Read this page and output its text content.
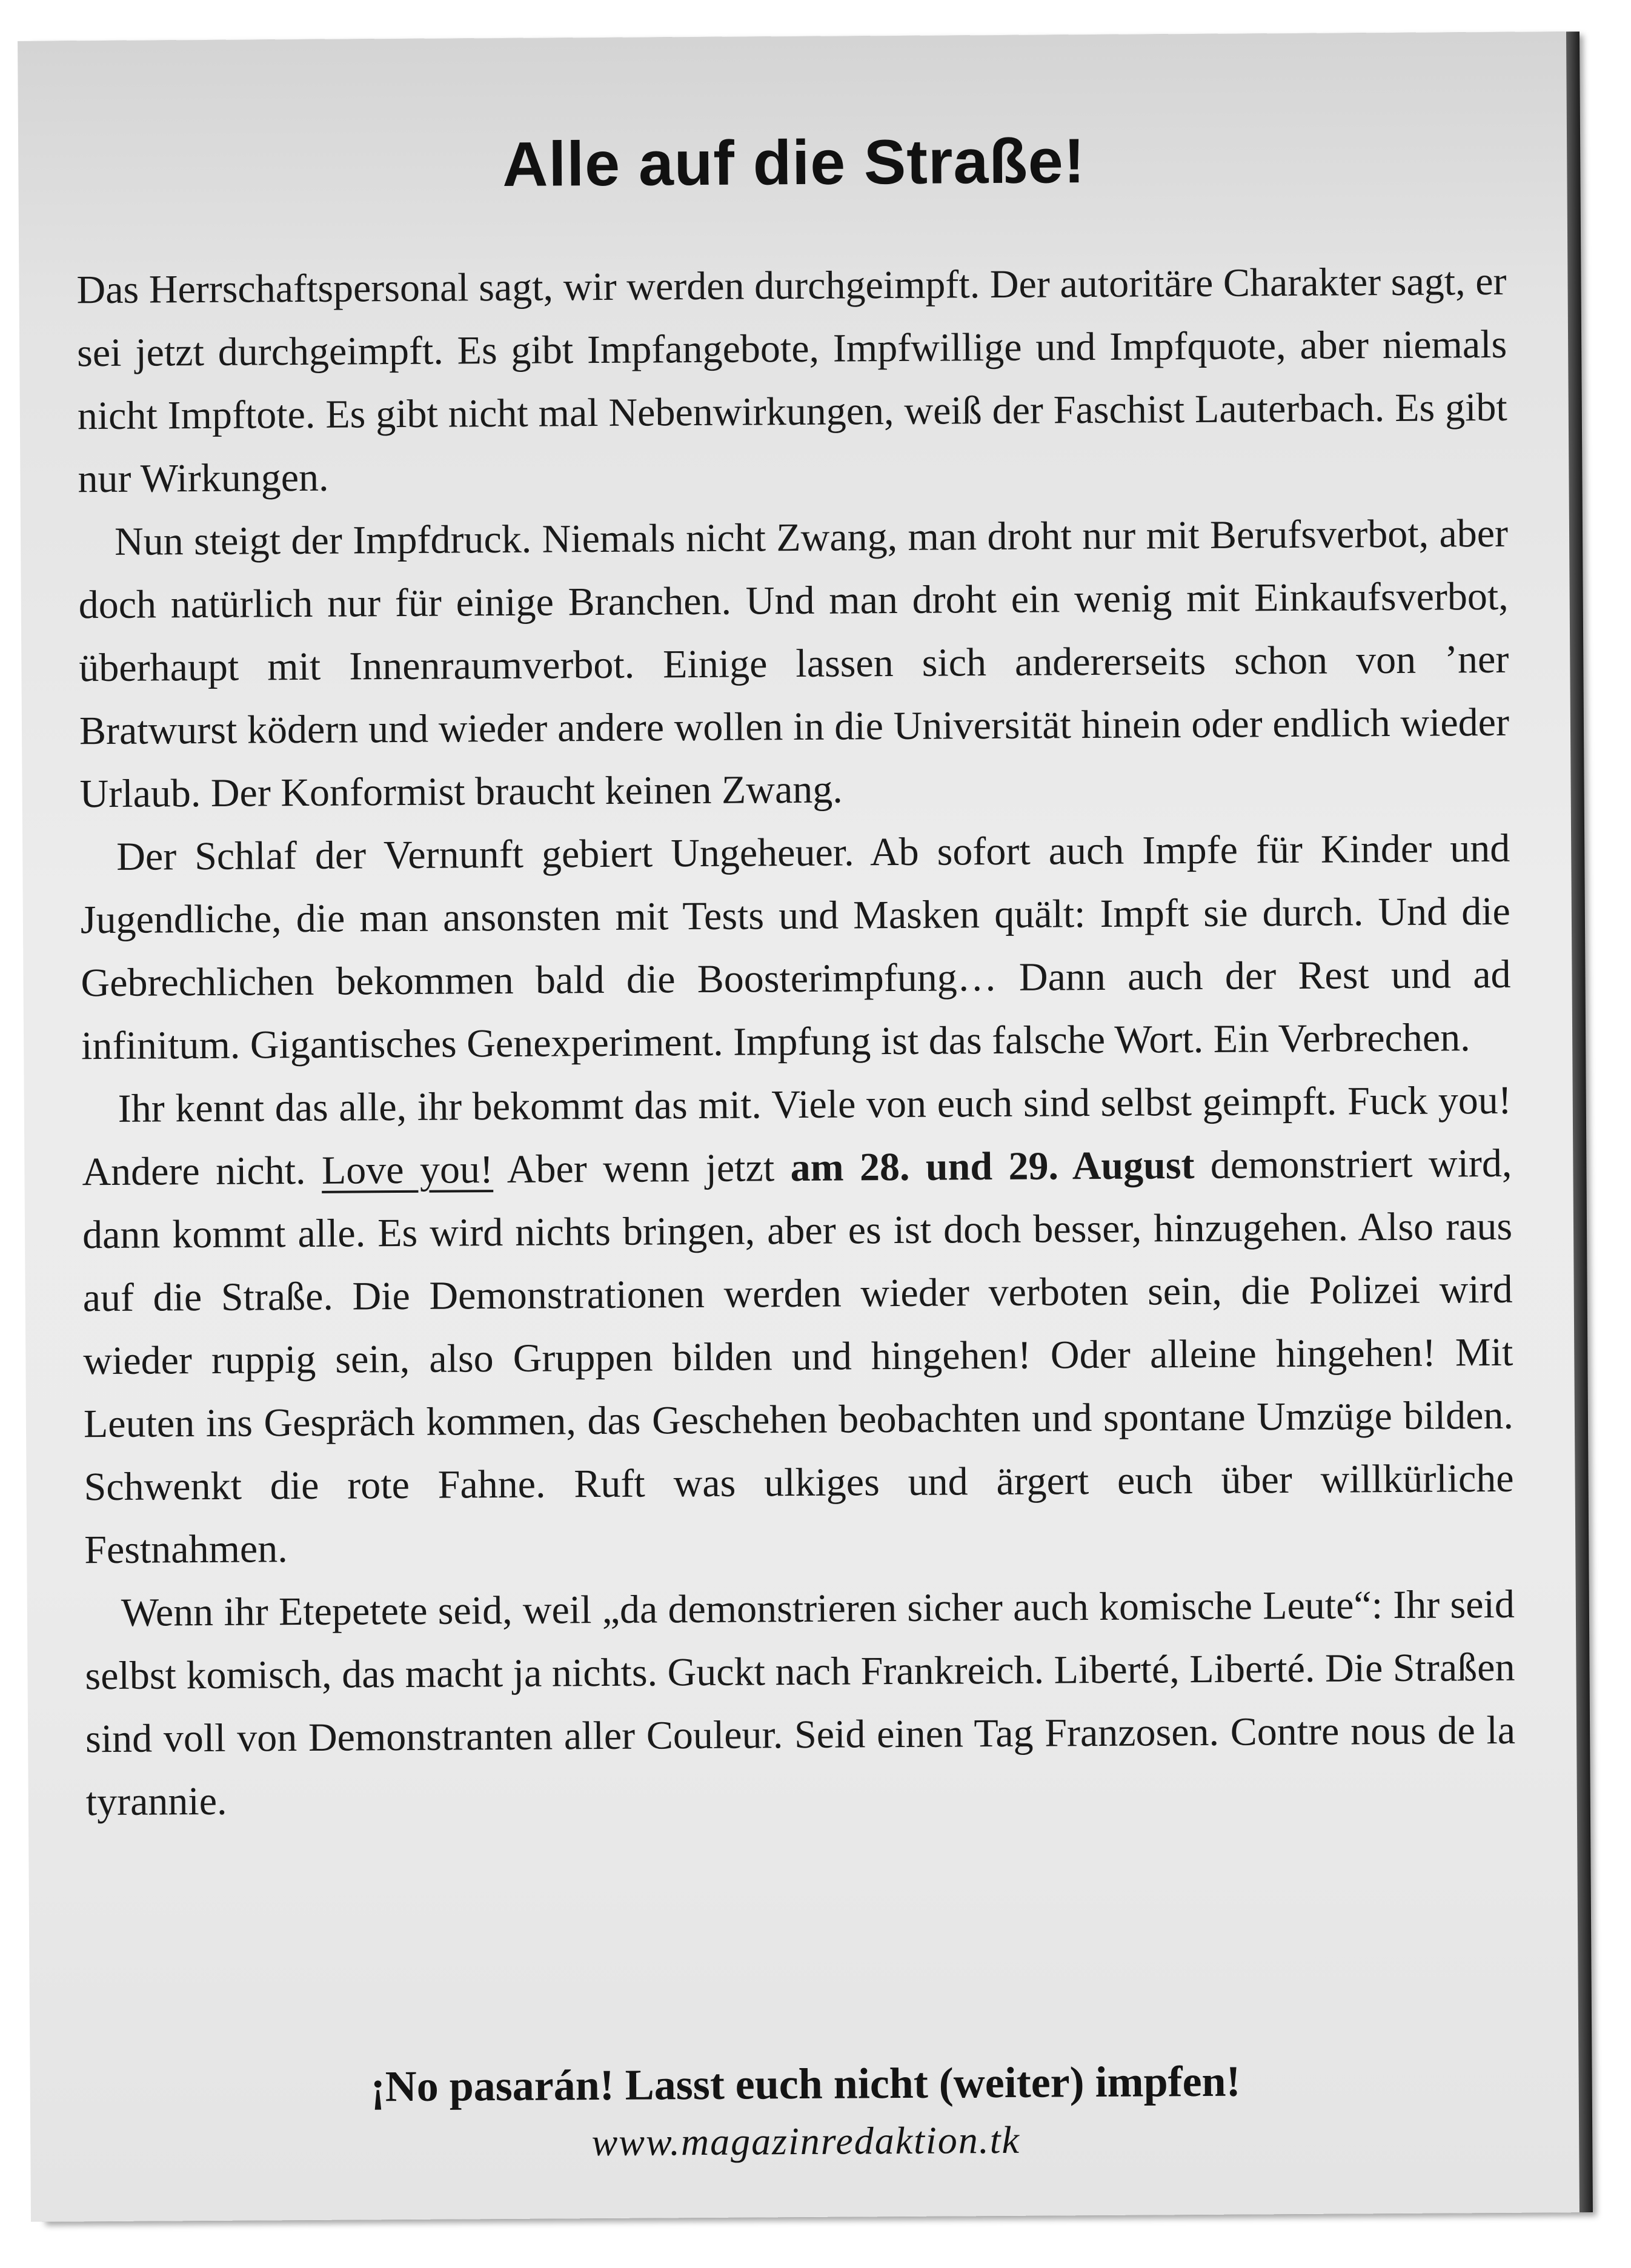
Alle auf die Straße!

Das Herrschaftspersonal sagt, wir werden durchgeimpft. Der autoritäre Charakter sagt, er sei jetzt durchgeimpft. Es gibt Impfangebote, Impfwillige und Impfquote, aber niemals nicht Impftote. Es gibt nicht mal Nebenwirkungen, weiß der Faschist Lauterbach. Es gibt nur Wirkungen.

Nun steigt der Impfdruck. Niemals nicht Zwang, man droht nur mit Berufsverbot, aber doch natürlich nur für einige Branchen. Und man droht ein wenig mit Einkaufsverbot, überhaupt mit Innenraumverbot. Einige lassen sich andererseits schon von ’ner Bratwurst ködern und wieder andere wollen in die Universität hinein oder endlich wieder Urlaub. Der Konformist braucht keinen Zwang.

Der Schlaf der Vernunft gebiert Ungeheuer. Ab sofort auch Impfe für Kinder und Jugendliche, die man ansonsten mit Tests und Masken quält: Impft sie durch. Und die Gebrechlichen bekommen bald die Boosterimpfung… Dann auch der Rest und ad infinitum. Gigantisches Genexperiment. Impfung ist das falsche Wort. Ein Verbrechen.

Ihr kennt das alle, ihr bekommt das mit. Viele von euch sind selbst geimpft. Fuck you! Andere nicht. Love you! Aber wenn jetzt am 28. und 29. August demonstriert wird, dann kommt alle. Es wird nichts bringen, aber es ist doch besser, hinzugehen. Also raus auf die Straße. Die Demonstrationen werden wieder verboten sein, die Polizei wird wieder ruppig sein, also Gruppen bilden und hingehen! Oder alleine hingehen! Mit Leuten ins Gespräch kommen, das Geschehen beobachten und spontane Umzüge bilden. Schwenkt die rote Fahne. Ruft was ulkiges und ärgert euch über willkürliche Festnahmen.

Wenn ihr Etepetete seid, weil „da demonstrieren sicher auch komische Leute“: Ihr seid selbst komisch, das macht ja nichts. Guckt nach Frankreich. Liberté, Liberté. Die Straßen sind voll von Demonstranten aller Couleur. Seid einen Tag Franzosen. Contre nous de la tyrannie.

¡No pasarán! Lasst euch nicht (weiter) impfen!
www.magazinredaktion.tk
